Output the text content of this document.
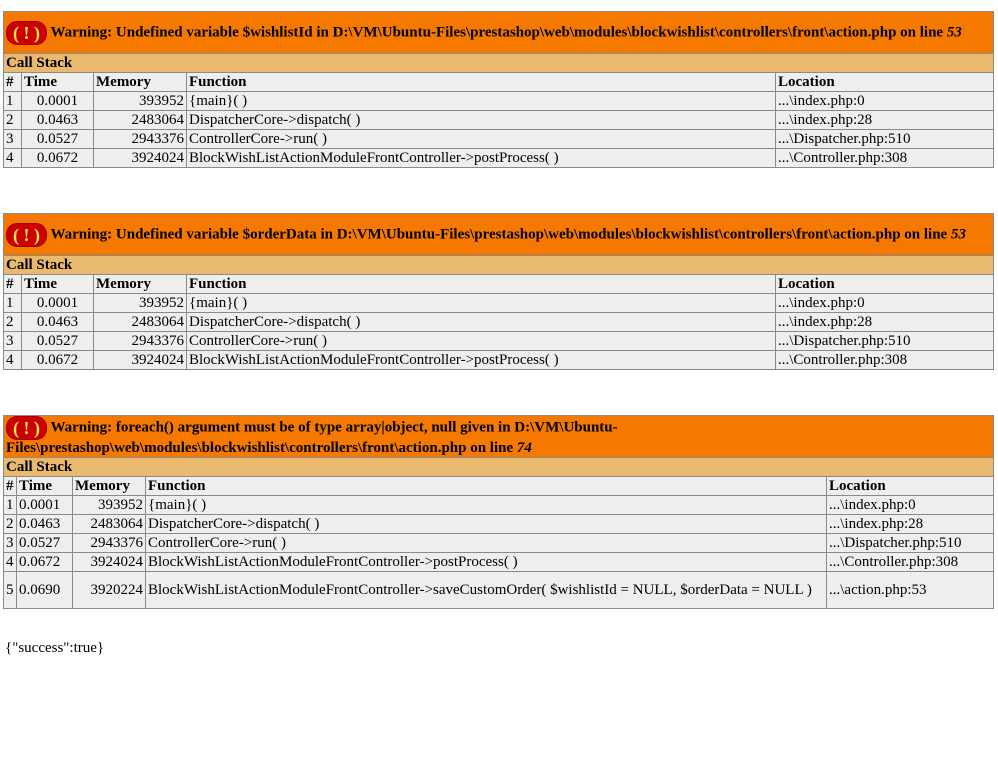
( ! ) Warning: Undefined variable $wishlistId in D:\VM\Ubuntu-Files\prestashop\web\modules\blockwishlist\controllers\front\action.php on line 53				
Call Stack				
#	Time	Memory	Function	Location
1	0.0001	393952	{main}( )	...\index.php:0
2	0.0463	2483064	DispatcherCore->dispatch( )	...\index.php:28
3	0.0527	2943376	ControllerCore->run( )	...\Dispatcher.php:510
4	0.0672	3924024	BlockWishListActionModuleFrontController->postProcess( )	...\Controller.php:308
( ! ) Warning: Undefined variable $orderData in D:\VM\Ubuntu-Files\prestashop\web\modules\blockwishlist\controllers\front\action.php on line 53				
Call Stack				
#	Time	Memory	Function	Location
1	0.0001	393952	{main}( )	...\index.php:0
2	0.0463	2483064	DispatcherCore->dispatch( )	...\index.php:28
3	0.0527	2943376	ControllerCore->run( )	...\Dispatcher.php:510
4	0.0672	3924024	BlockWishListActionModuleFrontController->postProcess( )	...\Controller.php:308
( ! ) Warning: foreach() argument must be of type array|object, null given in D:\VM\Ubuntu-Files\prestashop\web\modules\blockwishlist\controllers\front\action.php on line 74				
Call Stack				
#	Time	Memory	Function	Location
1	0.0001	393952	{main}( )	...\index.php:0
2	0.0463	2483064	DispatcherCore->dispatch( )	...\index.php:28
3	0.0527	2943376	ControllerCore->run( )	...\Dispatcher.php:510
4	0.0672	3924024	BlockWishListActionModuleFrontController->postProcess( )	...\Controller.php:308
5	0.0690	3920224	BlockWishListActionModuleFrontController->saveCustomOrder( $wishlistId = NULL, $orderData = NULL )	...\action.php:53
{"success":true}
